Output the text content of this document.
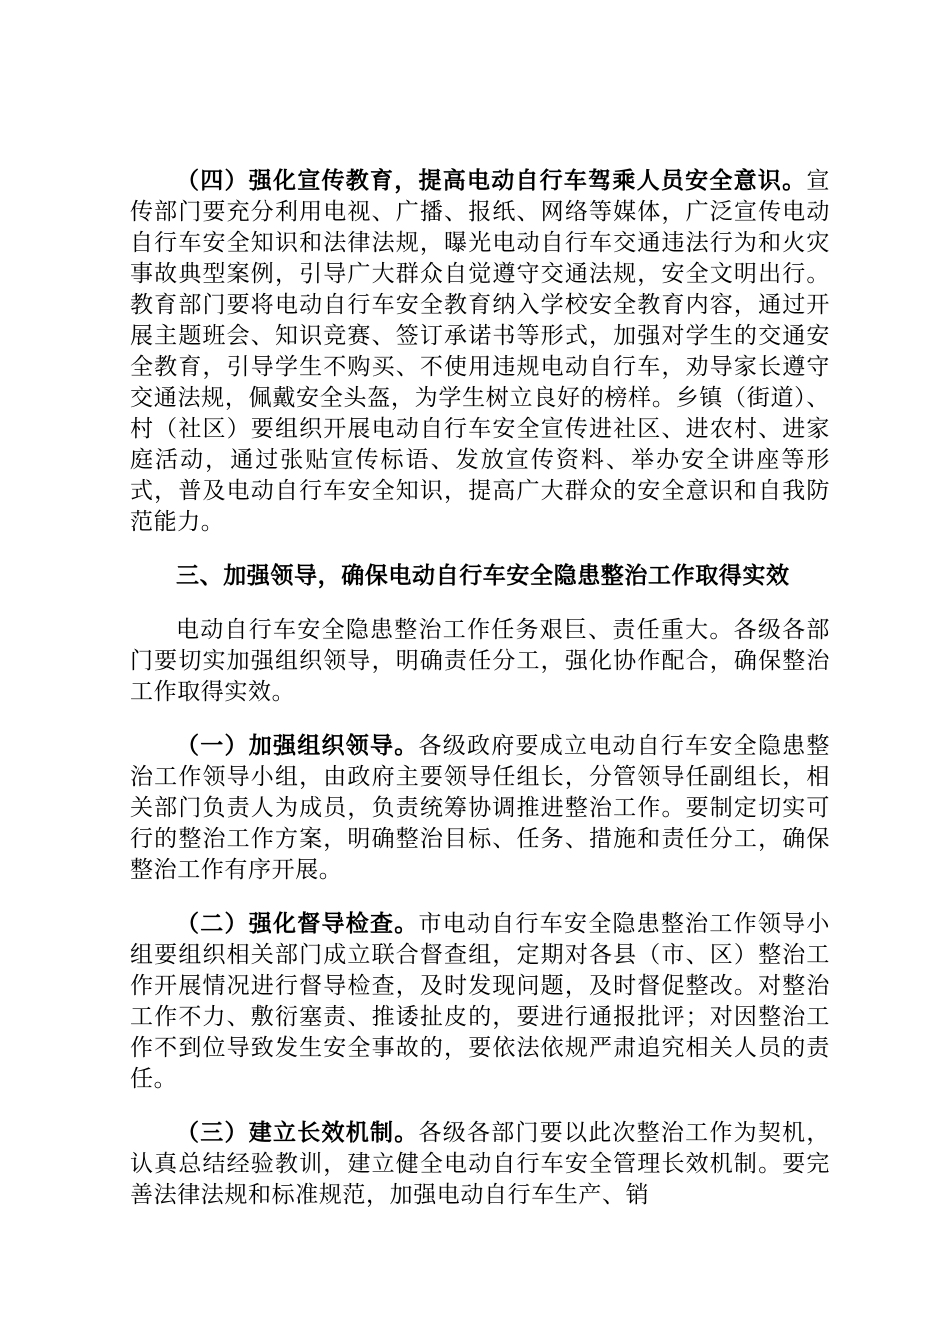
（四）强化宣传教育，提高电动自行车驾乘人员安全意识。宣传部门要充分利用电视、广播、报纸、网络等媒体，广泛宣传电动自行车安全知识和法律法规，曝光电动自行车交通违法行为和火灾事故典型案例，引导广大群众自觉遵守交通法规，安全文明出行。教育部门要将电动自行车安全教育纳入学校安全教育内容，通过开展主题班会、知识竞赛、签订承诺书等形式，加强对学生的交通安全教育，引导学生不购买、不使用违规电动自行车，劝导家长遵守交通法规，佩戴安全头盔，为学生树立良好的榜样。乡镇（街道）、村（社区）要组织开展电动自行车安全宣传进社区、进农村、进家庭活动，通过张贴宣传标语、发放宣传资料、举办安全讲座等形式，普及电动自行车安全知识，提高广大群众的安全意识和自我防范能力。

三、加强领导，确保电动自行车安全隐患整治工作取得实效

电动自行车安全隐患整治工作任务艰巨、责任重大。各级各部门要切实加强组织领导，明确责任分工，强化协作配合，确保整治工作取得实效。

（一）加强组织领导。各级政府要成立电动自行车安全隐患整治工作领导小组，由政府主要领导任组长，分管领导任副组长，相关部门负责人为成员，负责统筹协调推进整治工作。要制定切实可行的整治工作方案，明确整治目标、任务、措施和责任分工，确保整治工作有序开展。

（二）强化督导检查。市电动自行车安全隐患整治工作领导小组要组织相关部门成立联合督查组，定期对各县（市、区）整治工作开展情况进行督导检查，及时发现问题，及时督促整改。对整治工作不力、敷衍塞责、推诿扯皮的，要进行通报批评；对因整治工作不到位导致发生安全事故的，要依法依规严肃追究相关人员的责任。

（三）建立长效机制。各级各部门要以此次整治工作为契机，认真总结经验教训，建立健全电动自行车安全管理长效机制。要完善法律法规和标准规范，加强电动自行车生产、销
